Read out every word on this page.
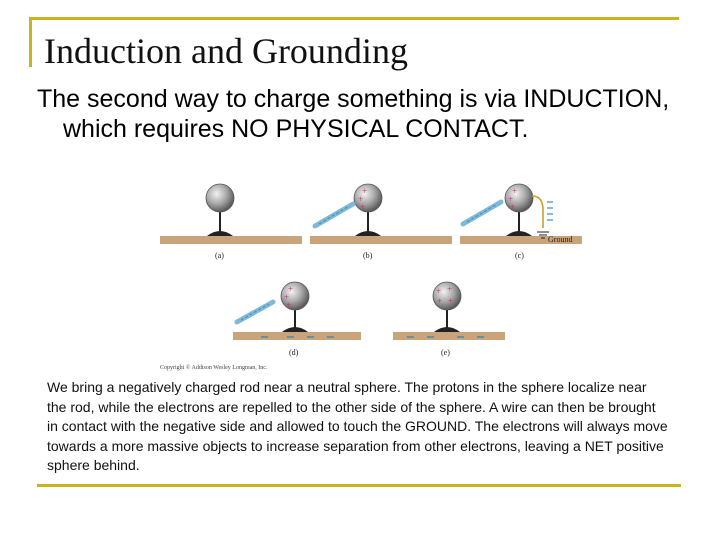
Induction and Grounding
The second way to charge something is via INDUCTION, which requires NO PHYSICAL CONTACT.
(a)
+
+
+
(b)
+
+
+
Ground
(c)
+
+
+
(d)
Copyright © Addison Wesley Longman, Inc.
+ +
+ +
(e)
We bring a negatively charged rod near a neutral sphere. The protons in the sphere localize near the rod, while the electrons are repelled to the other side of the sphere. A wire can then be brought in contact with the negative side and allowed to touch the GROUND. The electrons will always move towards a more massive objects to increase separation from other electrons, leaving a NET positive sphere behind.
